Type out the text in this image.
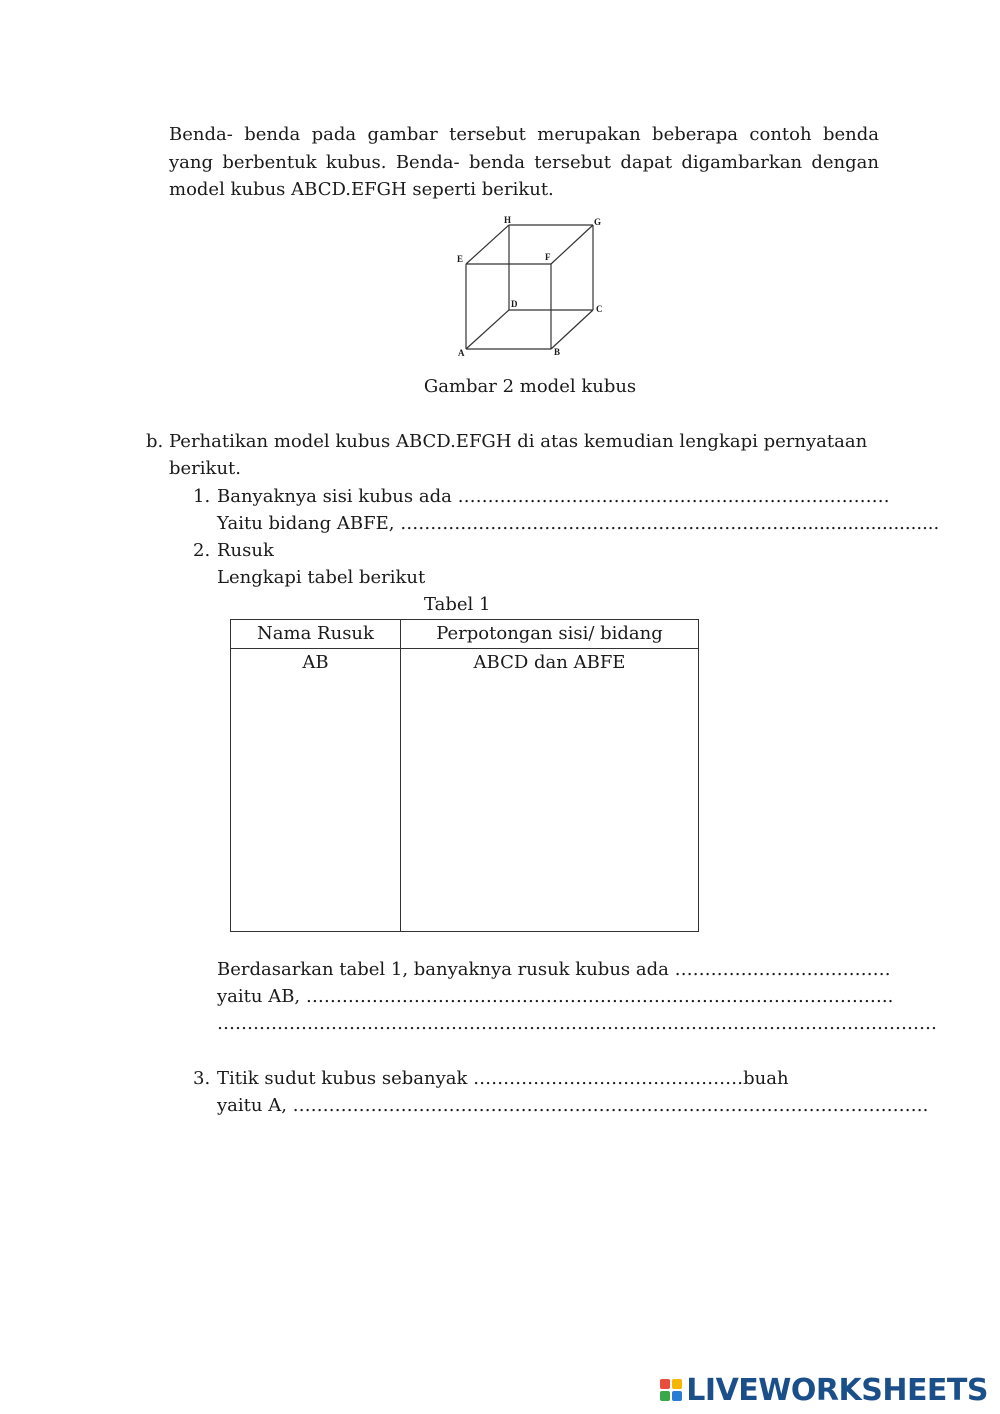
Benda- benda pada gambar tersebut merupakan beberapa contoh benda yang berbentuk kubus. Benda- benda tersebut dapat digambarkan dengan model kubus ABCD.EFGH seperti berikut.
A	B
C
D
E	F
G
H
Gambar 2 model kubus
b. Perhatikan model kubus ABCD.EFGH di atas kemudian lengkapi pernyataan
berikut.
1. Banyaknya sisi kubus ada ………………………………………………………………
Yaitu bidang ABFE, ………………………………………………………….........................
2. Rusuk
Lengkapi tabel berikut
Tabel 1
Nama Rusuk	Perpotongan sisi/ bidang
AB	ABCD dan ABFE
Berdasarkan tabel 1, banyaknya rusuk kubus ada ………………………………
yaitu AB, ……………………………………………………………………………………..
…………………………………………………………………………………………………………
3. Titik sudut kubus sebanyak ………………………………………buah
yaitu A, …………………………………………………………………………………………….
LIVEWORKSHEETS
